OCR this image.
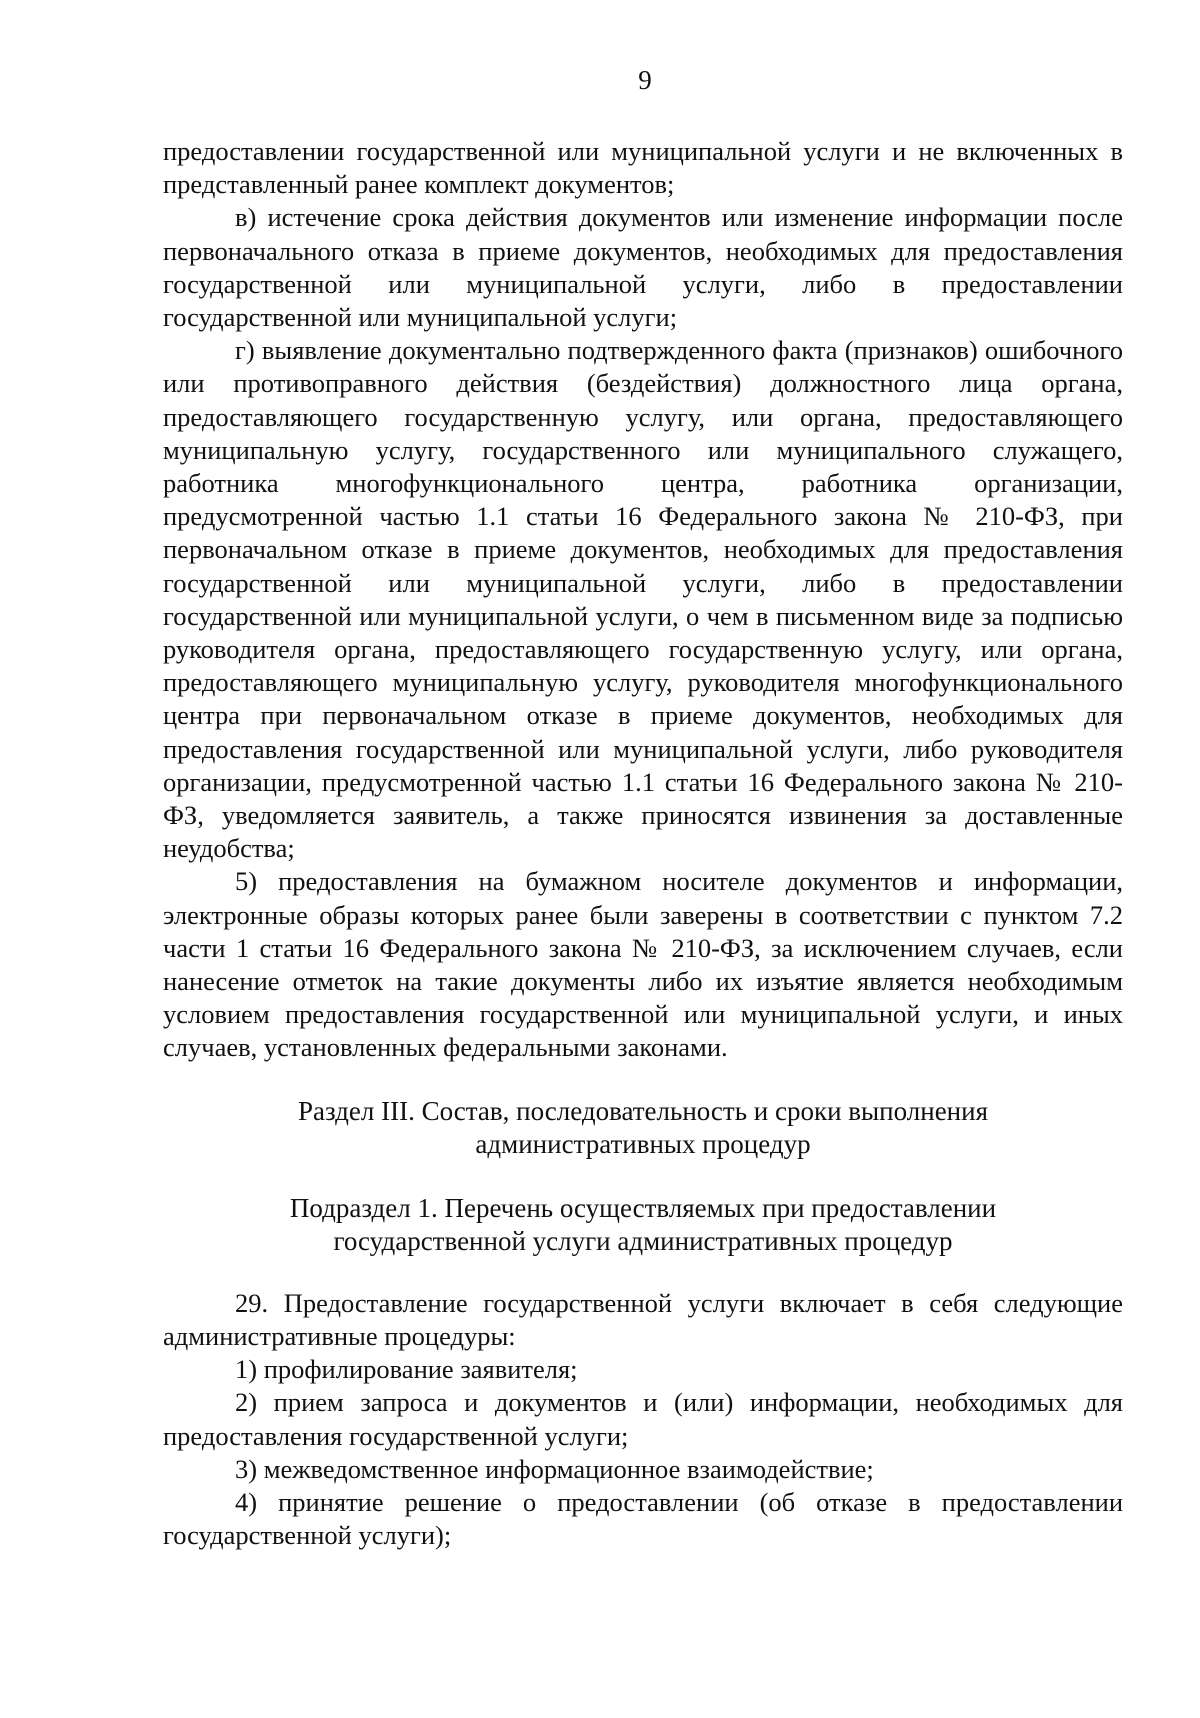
9

предоставлении государственной или муниципальной услуги и не включенных в представленный ранее комплект документов;

в) истечение срока действия документов или изменение информации после первоначального отказа в приеме документов, необходимых для предоставления государственной или муниципальной услуги, либо в предоставлении государственной или муниципальной услуги;

г) выявление документально подтвержденного факта (признаков) ошибочного или противоправного действия (бездействия) должностного лица органа, предоставляющего государственную услугу, или органа, предоставляющего муниципальную услугу, государственного или муниципального служащего, работника многофункционального центра, работника организации, предусмотренной частью 1.1 статьи 16 Федерального закона № 210-ФЗ, при первоначальном отказе в приеме документов, необходимых для предоставления государственной или муниципальной услуги, либо в предоставлении государственной или муниципальной услуги, о чем в письменном виде за подписью руководителя органа, предоставляющего государственную услугу, или органа, предоставляющего муниципальную услугу, руководителя многофункционального центра при первоначальном отказе в приеме документов, необходимых для предоставления государственной или муниципальной услуги, либо руководителя организации, предусмотренной частью 1.1 статьи 16 Федерального закона № 210-ФЗ, уведомляется заявитель, а также приносятся извинения за доставленные неудобства;

5) предоставления на бумажном носителе документов и информации, электронные образы которых ранее были заверены в соответствии с пунктом 7.2 части 1 статьи 16 Федерального закона № 210-ФЗ, за исключением случаев, если нанесение отметок на такие документы либо их изъятие является необходимым условием предоставления государственной или муниципальной услуги, и иных случаев, установленных федеральными законами.

Раздел III. Состав, последовательность и сроки выполнения
административных процедур

Подраздел 1. Перечень осуществляемых при предоставлении
государственной услуги административных процедур

29. Предоставление государственной услуги включает в себя следующие административные процедуры:

1) профилирование заявителя;

2) прием запроса и документов и (или) информации, необходимых для предоставления государственной услуги;

3) межведомственное информационное взаимодействие;

4) принятие решение о предоставлении (об отказе в предоставлении государственной услуги);
